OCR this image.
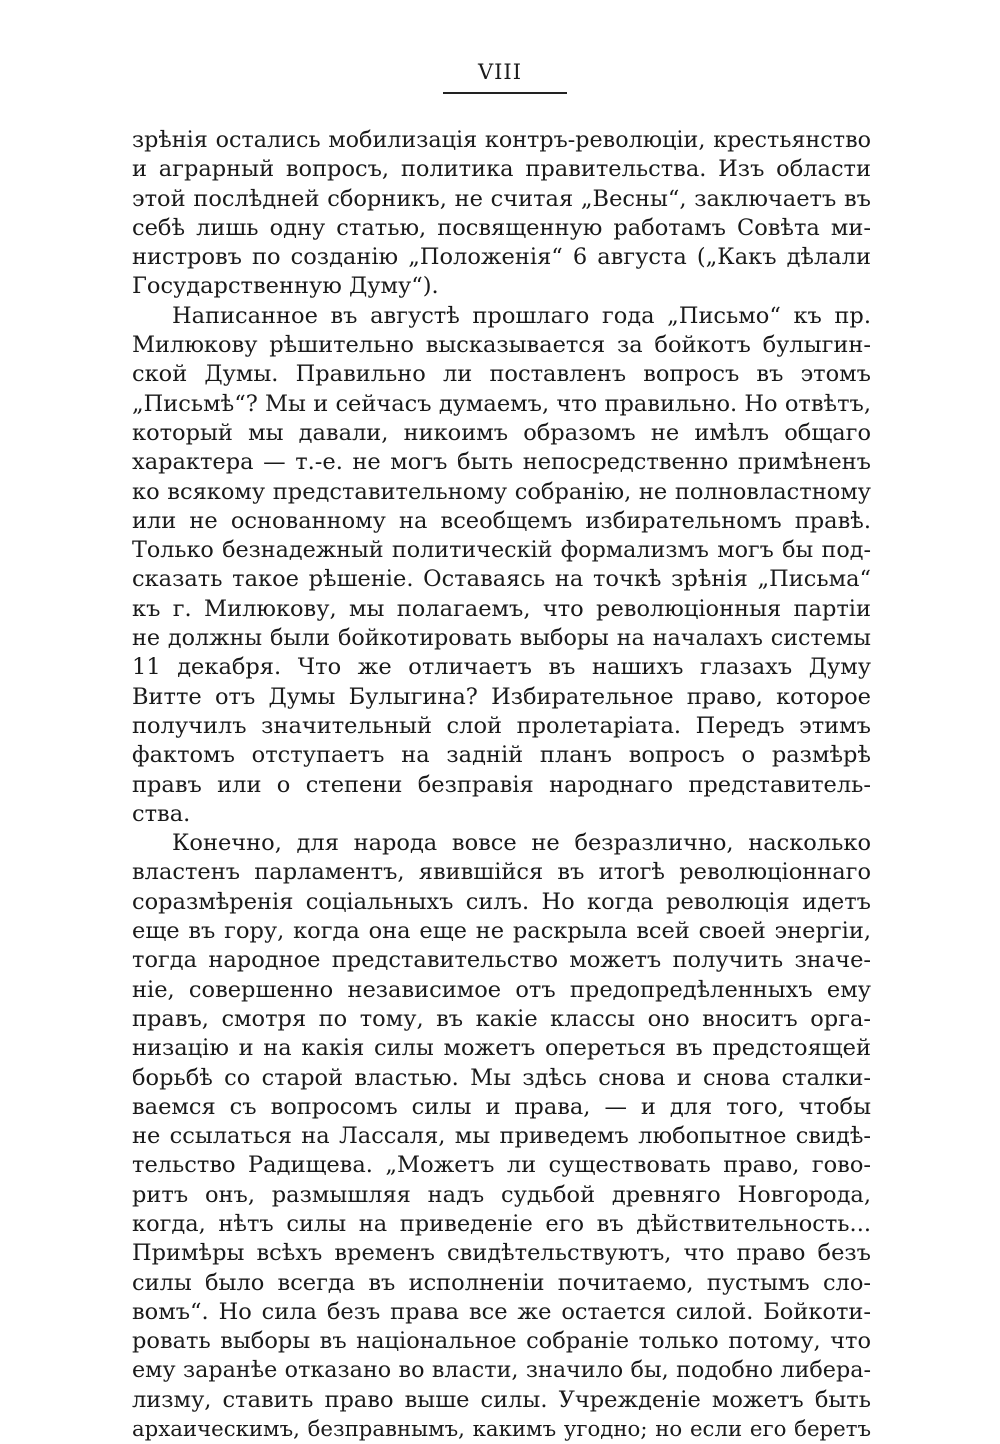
VIII
зрѣнія остались мобилизація контръ-революціи, крестьянство
и аграрный вопросъ, политика правительства. Изъ области
этой послѣдней сборникъ, не считая „Весны“, заключаетъ въ
себѣ лишь одну статью, посвященную работамъ Совѣта ми-
нистровъ по созданію „Положенія“ 6 августа („Какъ дѣлали
Государственную Думу“).
Написанное въ августѣ прошлаго года „Письмо“ къ пр.
Милюкову рѣшительно высказывается за бойкотъ булыгин-
ской Думы. Правильно ли поставленъ вопросъ въ этомъ
„Письмѣ“? Мы и сейчасъ думаемъ, что правильно. Но отвѣтъ,
который мы давали, никоимъ образомъ не имѣлъ общаго
характера — т.-е. не могъ быть непосредственно примѣненъ
ко всякому представительному собранію, не полновластному
или не основанному на всеобщемъ избирательномъ правѣ.
Только безнадежный политическій формализмъ могъ бы под-
сказать такое рѣшеніе. Оставаясь на точкѣ зрѣнія „Письма“
къ г. Милюкову, мы полагаемъ, что революціонныя партіи
не должны были бойкотировать выборы на началахъ системы
11 декабря. Что же отличаетъ въ нашихъ глазахъ Думу
Витте отъ Думы Булыгина? Избирательное право, которое
получилъ значительный слой пролетаріата. Передъ этимъ
фактомъ отступаетъ на задній планъ вопросъ о размѣрѣ
правъ или о степени безправія народнаго представитель-
ства.
Конечно, для народа вовсе не безразлично, насколько
властенъ парламентъ, явившійся въ итогѣ революціоннаго
соразмѣренія соціальныхъ силъ. Но когда революція идетъ
еще въ гору, когда она еще не раскрыла всей своей энергіи,
тогда народное представительство можетъ получить значе-
ніе, совершенно независимое отъ предопредѣленныхъ ему
правъ, смотря по тому, въ какіе классы оно вноситъ орга-
низацію и на какія силы можетъ опереться въ предстоящей
борьбѣ со старой властью. Мы здѣсь снова и снова сталки-
ваемся съ вопросомъ силы и права, — и для того, чтобы
не ссылаться на Лассаля, мы приведемъ любопытное свидѣ-
тельство Радищева. „Можетъ ли существовать право, гово-
ритъ онъ, размышляя надъ судьбой древняго Новгорода,
когда, нѣтъ силы на приведеніе его въ дѣйствительность...
Примѣры всѣхъ временъ свидѣтельствуютъ, что право безъ
силы было всегда въ исполненіи почитаемо, пустымъ сло-
вомъ“. Но сила безъ права все же остается силой. Бойкоти-
ровать выборы въ національное собраніе только потому, что
ему заранѣе отказано во власти, значило бы, подобно либера-
лизму, ставить право выше силы. Учрежденіе можетъ быть
архаическимъ, безправнымъ, какимъ угодно; но если его беретъ
